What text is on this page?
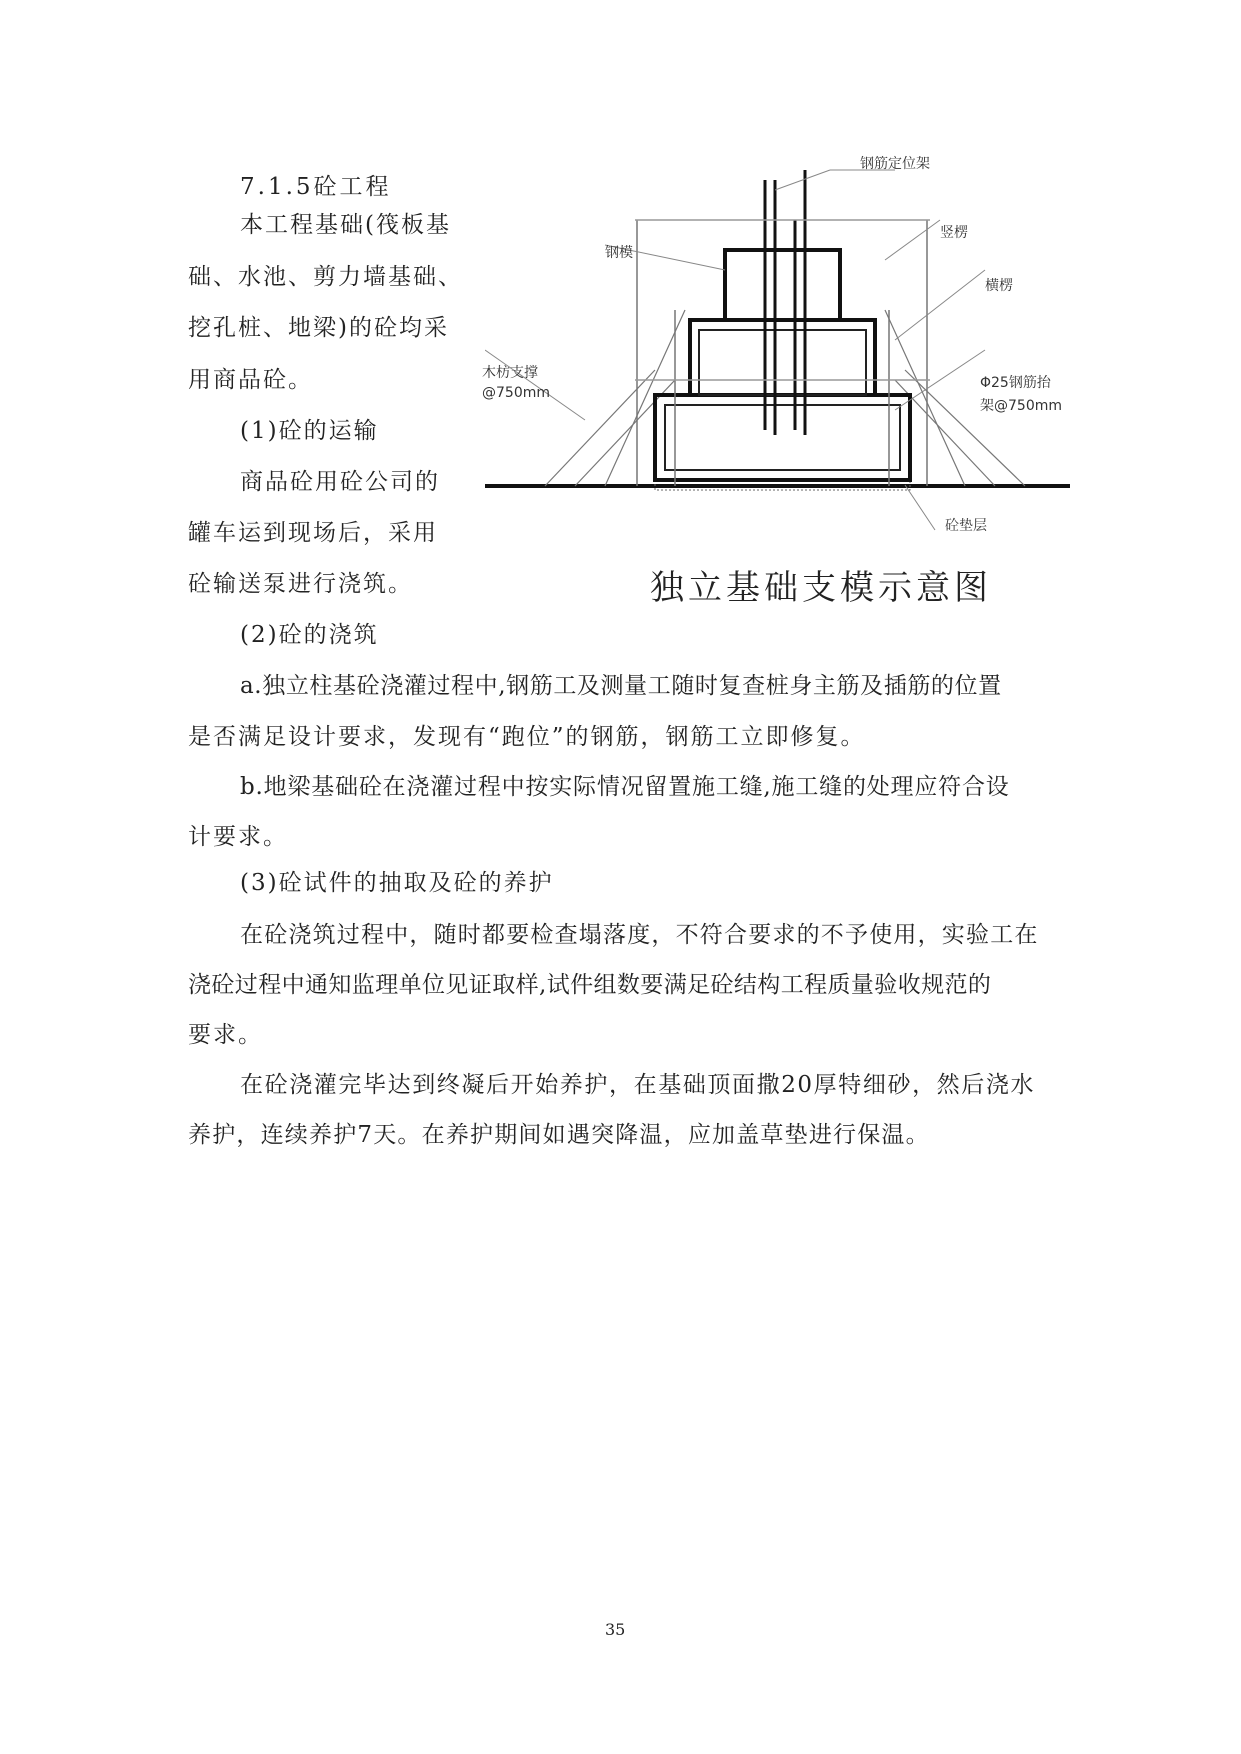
7.1.5砼工程
本工程基础(筏板基
础、水池、剪力墙基础、
挖孔桩、地梁)的砼均采
用商品砼。
(1)砼的运输
商品砼用砼公司的
罐车运到现场后，采用
砼输送泵进行浇筑。
(2)砼的浇筑
a.独立柱基砼浇灌过程中,钢筋工及测量工随时复查桩身主筋及插筋的位置
是否满足设计要求，发现有“跑位”的钢筋，钢筋工立即修复。
b.地梁基础砼在浇灌过程中按实际情况留置施工缝,施工缝的处理应符合设
计要求。
(3)砼试件的抽取及砼的养护
在砼浇筑过程中，随时都要检查塌落度，不符合要求的不予使用，实验工在
浇砼过程中通知监理单位见证取样,试件组数要满足砼结构工程质量验收规范的
要求。
在砼浇灌完毕达到终凝后开始养护，在基础顶面撒20厚特细砂，然后浇水
养护，连续养护7天。在养护期间如遇突降温，应加盖草垫进行保温。
钢筋定位架
钢模
竖楞
横楞
木枋支撑
@750mm
Φ25钢筋抬
架@750mm
砼垫层
独立基础支模示意图
35
